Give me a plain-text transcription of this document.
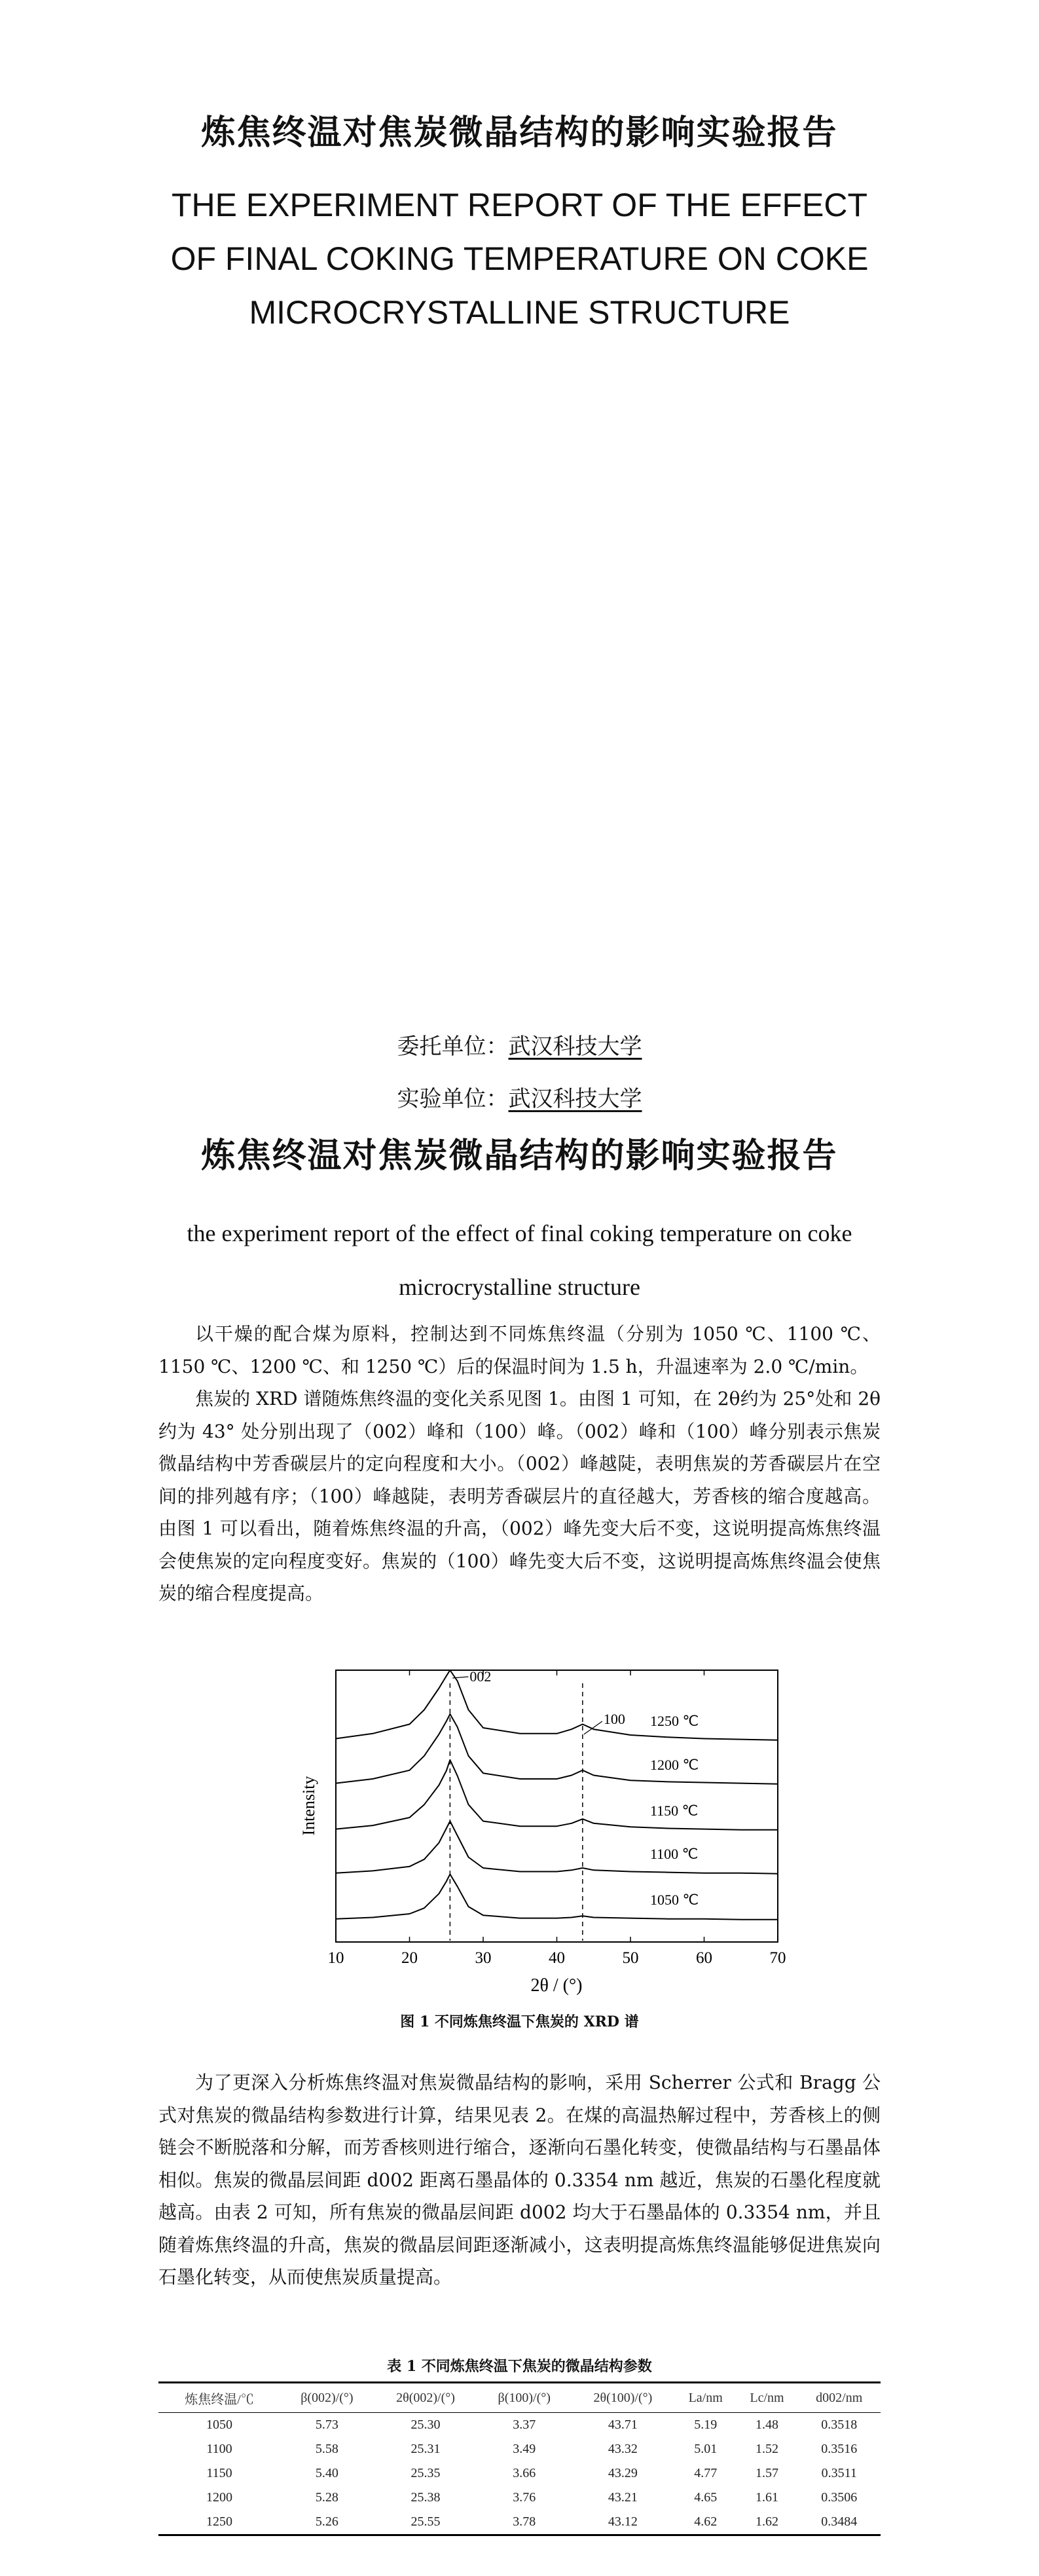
炼焦终温对焦炭微晶结构的影响实验报告
THE EXPERIMENT REPORT OF THE EFFECT
OF FINAL COKING TEMPERATURE ON COKE
MICROCRYSTALLINE STRUCTURE
委托单位：武汉科技大学
实验单位：武汉科技大学
炼焦终温对焦炭微晶结构的影响实验报告
the experiment report of the effect of final coking temperature on coke
microcrystalline structure

以干燥的配合煤为原料，控制达到不同炼焦终温（分别为 1050 ℃、1100 ℃、1150 ℃、1200 ℃、和 1250 ℃）后的保温时间为 1.5 h，升温速率为 2.0 ℃/min。

焦炭的 XRD 谱随炼焦终温的变化关系见图 1。由图 1 可知，在 2θ约为 25°处和 2θ约为 43° 处分别出现了（002）峰和（100）峰。（002）峰和（100）峰分别表示焦炭微晶结构中芳香碳层片的定向程度和大小。（002）峰越陡，表明焦炭的芳香碳层片在空间的排列越有序；（100）峰越陡，表明芳香碳层片的直径越大，芳香核的缩合度越高。由图 1 可以看出，随着炼焦终温的升高，（002）峰先变大后不变，这说明提高炼焦终温会使焦炭的定向程度变好。焦炭的（100）峰先变大后不变，这说明提高炼焦终温会使焦炭的缩合程度提高。

10	20	30	40	50	60	70
1250 ℃
1200 ℃
1150 ℃
1100 ℃
1050 ℃
002
100
Intensity
2θ / (°)
图 1 不同炼焦终温下焦炭的 XRD 谱

为了更深入分析炼焦终温对焦炭微晶结构的影响，采用 Scherrer 公式和 Bragg 公式对焦炭的微晶结构参数进行计算，结果见表 2。在煤的高温热解过程中，芳香核上的侧链会不断脱落和分解，而芳香核则进行缩合，逐渐向石墨化转变，使微晶结构与石墨晶体相似。焦炭的微晶层间距 d002 距离石墨晶体的 0.3354 nm 越近，焦炭的石墨化程度就越高。由表 2 可知，所有焦炭的微晶层间距 d002 均大于石墨晶体的 0.3354 nm，并且随着炼焦终温的升高，焦炭的微晶层间距逐渐减小，这表明提高炼焦终温能够促进焦炭向石墨化转变，从而使焦炭质量提高。

表 1 不同炼焦终温下焦炭的微晶结构参数
炼焦终温/℃	β(002)/(°)	2θ(002)/(°)	β(100)/(°)	2θ(100)/(°)	La/nm	Lc/nm	d002/nm
1050	5.73	25.30	3.37	43.71	5.19	1.48	0.3518
1100	5.58	25.31	3.49	43.32	5.01	1.52	0.3516
1150	5.40	25.35	3.66	43.29	4.77	1.57	0.3511
1200	5.28	25.38	3.76	43.21	4.65	1.61	0.3506
1250	5.26	25.55	3.78	43.12	4.62	1.62	0.3484
